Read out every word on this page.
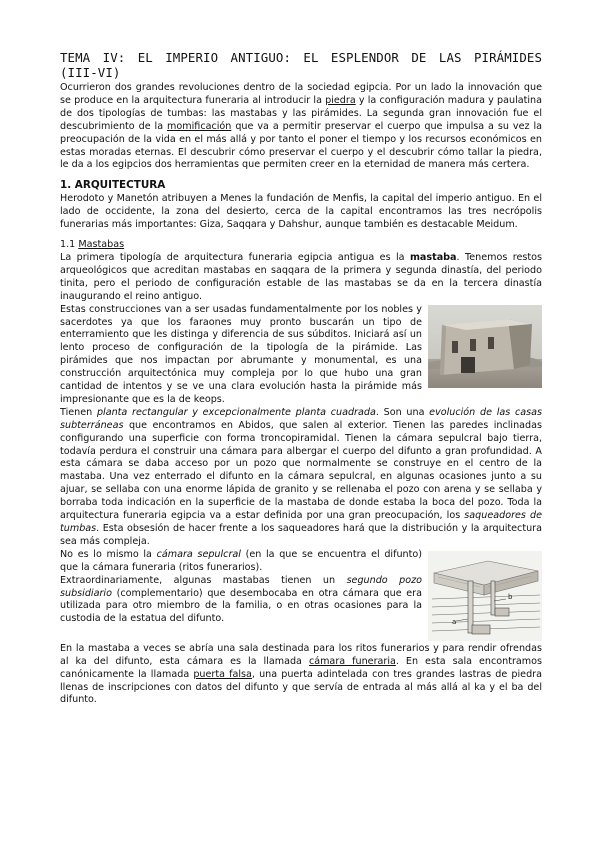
TEMA IV: EL IMPERIO ANTIGUO: EL ESPLENDOR DE LAS PIRÁMIDES (III-VI)

Ocurrieron dos grandes revoluciones dentro de la sociedad egipcia. Por un lado la innovación que se produce en la arquitectura funeraria al introducir la piedra y la configuración madura y paulatina de dos tipologías de tumbas: las mastabas y las pirámides. La segunda gran innovación fue el descubrimiento de la momificación que va a permitir preservar el cuerpo que impulsa a su vez la preocupación de la vida en el más allá y por tanto el poner el tiempo y los recursos económicos en estas moradas eternas. El descubrir cómo preservar el cuerpo y el descubrir cómo tallar la piedra, le da a los egipcios dos herramientas que permiten creer en la eternidad de manera más certera.

1. ARQUITECTURA

Herodoto y Manetón atribuyen a Menes la fundación de Menfis, la capital del imperio antiguo. En el lado de occidente, la zona del desierto, cerca de la capital encontramos las tres necrópolis funerarias más importantes: Giza, Saqqara y Dahshur, aunque también es destacable Meidum.

1.1 Mastabas

La primera tipología de arquitectura funeraria egipcia antigua es la mastaba. Tenemos restos arqueológicos que acreditan mastabas en saqqara de la primera y segunda dinastía, del periodo tinita, pero el periodo de configuración estable de las mastabas se da en la tercera dinastía inaugurando el reino antiguo.

Estas construcciones van a ser usadas fundamentalmente por los nobles y sacerdotes ya que los faraones muy pronto buscarán un tipo de enterramiento que les distinga y diferencia de sus súbditos. Iniciará así un lento proceso de configuración de la tipología de la pirámide. Las pirámides que nos impactan por abrumante y monumental, es una construcción arquitectónica muy compleja por lo que hubo una gran cantidad de intentos y se ve una clara evolución hasta la pirámide más impresionante que es la de keops.

Tienen planta rectangular y excepcionalmente planta cuadrada. Son una evolución de las casas subterráneas que encontramos en Abidos, que salen al exterior. Tienen las paredes inclinadas configurando una superficie con forma troncopiramidal. Tienen la cámara sepulcral bajo tierra, todavía perdura el construir una cámara para albergar el cuerpo del difunto a gran profundidad. A esta cámara se daba acceso por un pozo que normalmente se construye en el centro de la mastaba. Una vez enterrado el difunto en la cámara sepulcral, en algunas ocasiones junto a su ajuar, se sellaba con una enorme lápida de granito y se rellenaba el pozo con arena y se sellaba y borraba toda indicación en la superficie de la mastaba de donde estaba la boca del pozo. Toda la arquitectura funeraria egipcia va a estar definida por una gran preocupación, los saqueadores de tumbas. Esta obsesión de hacer frente a los saqueadores hará que la distribución y la arquitectura sea más compleja.

a
b

No es lo mismo la cámara sepulcral (en la que se encuentra el difunto) que la cámara funeraria (ritos funerarios).

Extraordinariamente, algunas mastabas tienen un segundo pozo subsidiario (complementario) que desembocaba en otra cámara que era utilizada para otro miembro de la familia, o en otras ocasiones para la custodia de la estatua del difunto.

En la mastaba a veces se abría una sala destinada para los ritos funerarios y para rendir ofrendas al ka del difunto, esta cámara es la llamada cámara funeraria. En esta sala encontramos canónicamente la llamada puerta falsa, una puerta adintelada con tres grandes lastras de piedra llenas de inscripciones con datos del difunto y que servía de entrada al más allá al ka y el ba del difunto.
